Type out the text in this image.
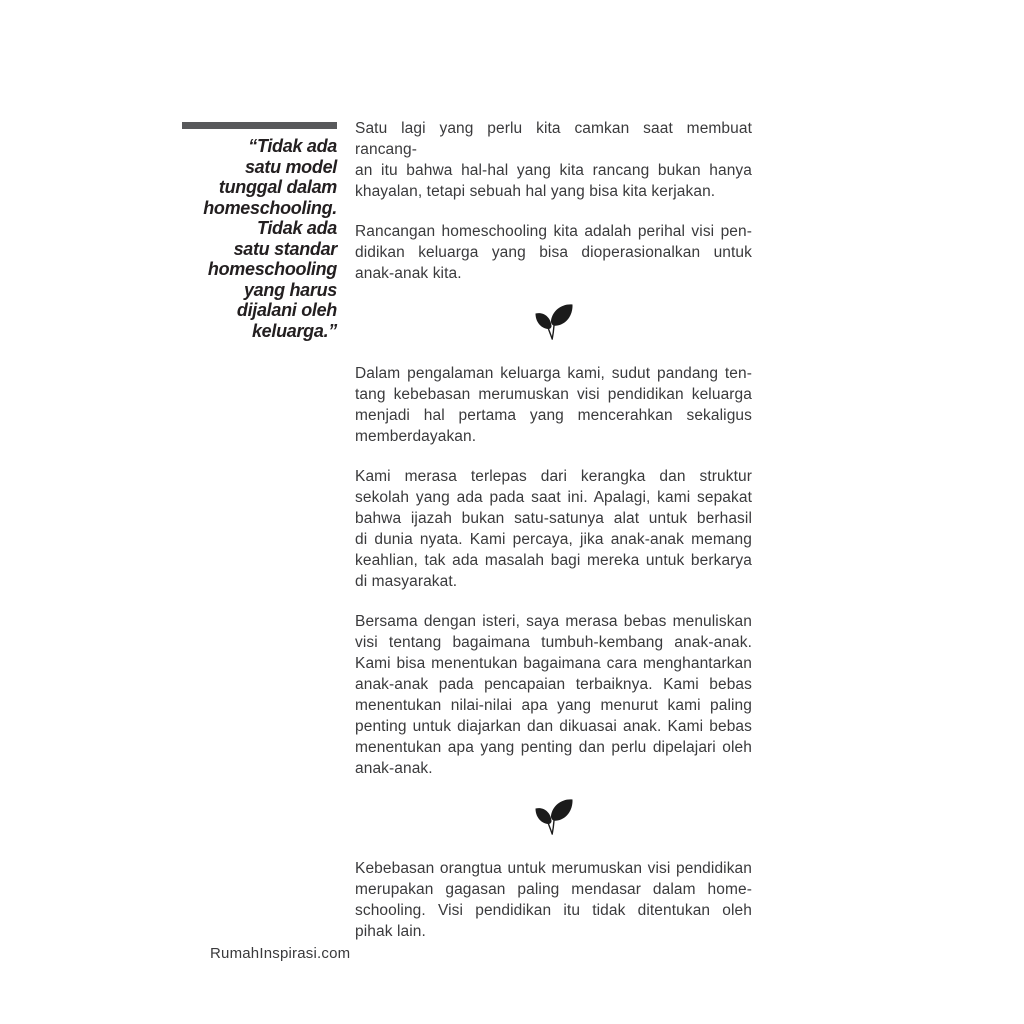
“Tidak ada
satu model
tunggal dalam
homeschooling.
Tidak ada
satu standar
homeschooling
yang harus
dijalani oleh
keluarga.”
Satu lagi yang perlu kita camkan saat membuat rancang-
an itu bahwa hal-hal yang kita rancang bukan hanya
khayalan, tetapi sebuah hal yang bisa kita kerjakan.
Rancangan homeschooling kita adalah perihal visi pen-
didikan keluarga yang bisa dioperasionalkan untuk
anak-anak kita.
Dalam pengalaman keluarga kami, sudut pandang ten-
tang kebebasan merumuskan visi pendidikan keluarga
menjadi hal pertama yang mencerahkan sekaligus
memberdayakan.
Kami merasa terlepas dari kerangka dan struktur
sekolah yang ada pada saat ini. Apalagi, kami sepakat
bahwa ijazah bukan satu-satunya alat untuk berhasil
di dunia nyata. Kami percaya, jika anak-anak memang
keahlian, tak ada masalah bagi mereka untuk berkarya
di masyarakat.
Bersama dengan isteri, saya merasa bebas menuliskan
visi tentang bagaimana tumbuh-kembang anak-anak.
Kami bisa menentukan bagaimana cara menghantarkan
anak-anak pada pencapaian terbaiknya. Kami bebas
menentukan nilai-nilai apa yang menurut kami paling
penting untuk diajarkan dan dikuasai anak. Kami bebas
menentukan apa yang penting dan perlu dipelajari oleh
anak-anak.
Kebebasan orangtua untuk merumuskan visi pendidikan
merupakan gagasan paling mendasar dalam home-
schooling. Visi pendidikan itu tidak ditentukan oleh
pihak lain.
RumahInspirasi.com
